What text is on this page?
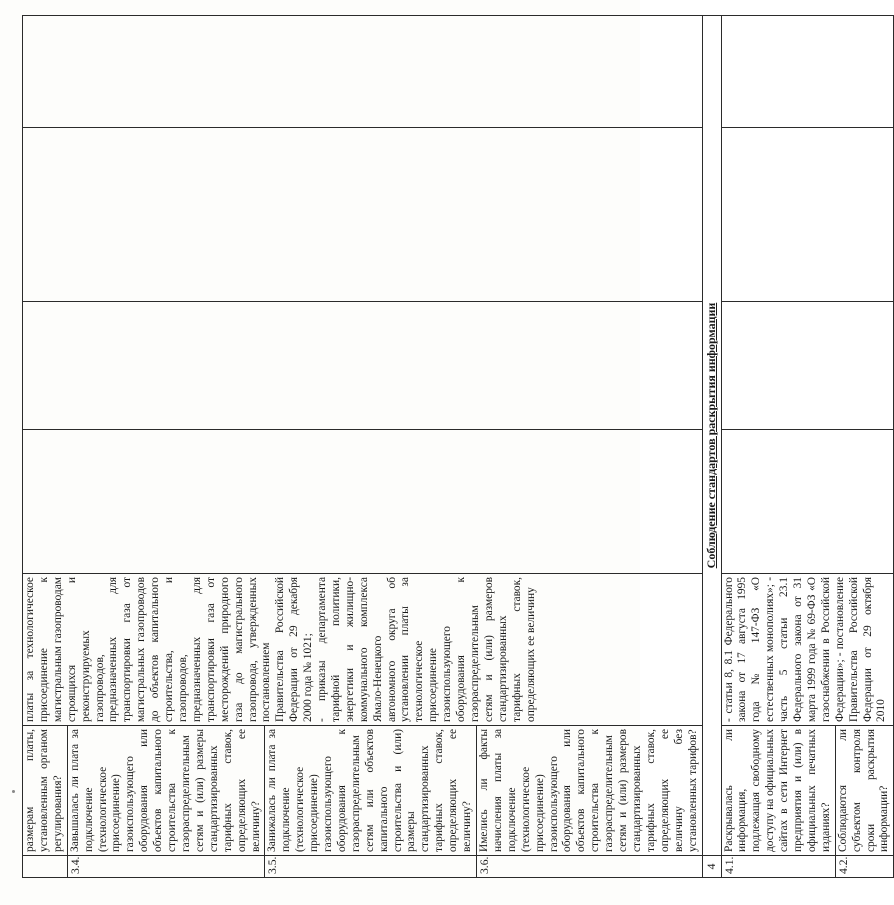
	размерам платы, установленным органом регулирования?	платы за технологическое присоединение к магистральным газопроводам строящихся и реконструируемых газопроводов, предназначенных для транспортировки газа от магистральных газопроводов до объектов капитального строительства, и газопроводов, предназначенных для транспортировки газа от месторождений природного газа до магистрального газопровода, утвержденных постановлением Правительства Российской Федерации от 29 декабря 2000 года № 1021; - приказы департамента тарифной политики, энергетики и жилищно-коммунального комплекса Ямало-Ненецкого автономного округа об установлении платы за технологическое присоединение газоиспользующего оборудования к газораспределительным сетям и (или) размеров стандартизированных тарифных ставок, определяющих ее величину				
3.4.	Завышалась ли плата за подключение (технологическое присоединение) газоиспользующего оборудования или объектов капитального строительства к газораспределительным сетям и (или) размеры стандартизированных тарифных ставок, определяющих ее величину?					
3.5.	Занижалась ли плата за подключение (технологическое присоединение) газоиспользующего оборудования к газораспределительным сетям или объектов капитального строительства и (или) размеры стандартизированных тарифных ставок, определяющих ее величину?					
3.6.	Имелись ли факты начисления платы за подключение (технологическое присоединение) газоиспользующего оборудования или объектов капитального строительства к газораспределительным сетям и (или) размеров стандартизированных тарифных ставок, определяющих ее величину без установленных тарифов?					
4	Соблюдение стандартов раскрытия информации					
4.1.	Раскрывалась ли информация, подлежащая свободному доступу на официальных сайтах в сети Интернет предприятия и (или) в официальных печатных изданиях?	- статьи 8, 8.1 Федерального закона от 17 августа 1995 года № 147-ФЗ «О естественных монополиях»; - часть 5 статьи 23.1 Федерального закона от 31 марта 1999 года № 69-ФЗ «О газоснабжении в Российской Федерации»; - постановление Правительства Российской Федерации от 29 октября 2010				
4.2.	Соблюдаются ли субъектом контроля сроки раскрытия информации?					
